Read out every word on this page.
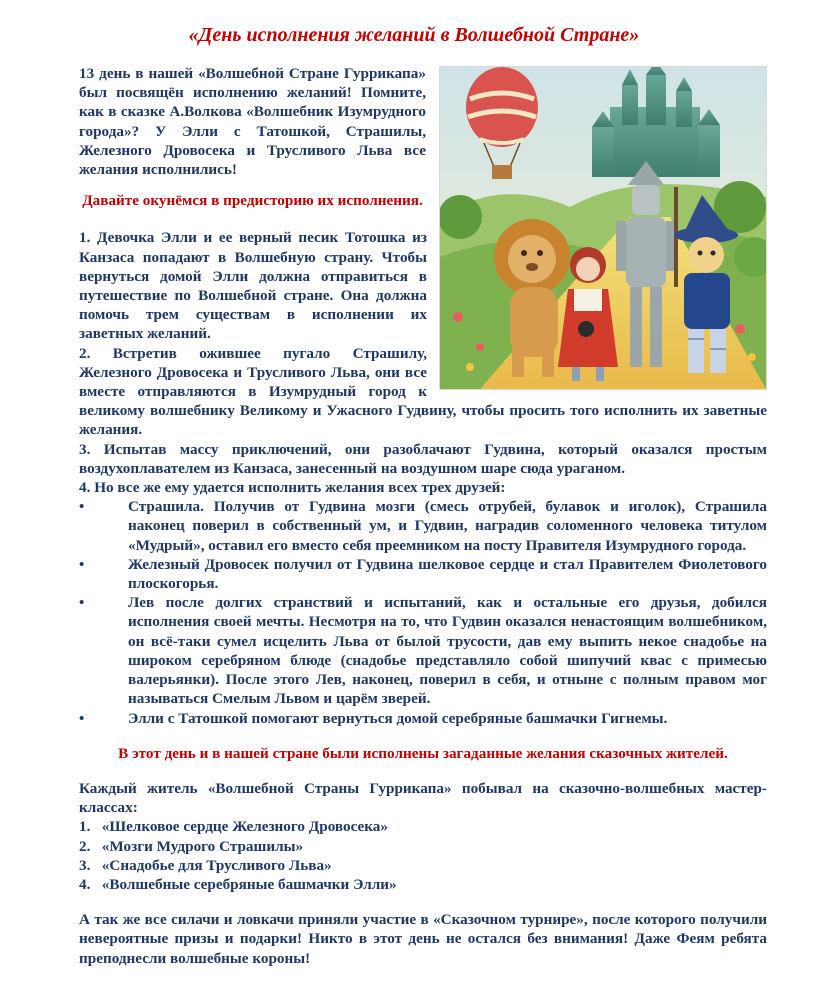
«День исполнения желаний в Волшебной Стране»

13 день в нашей «Волшебной Стране Гуррикапа» был посвящён исполнению желаний! Помните, как в сказке А.Волкова «Волшебник Изумрудного города»? У Элли с Татошкой, Страшилы, Железного Дровосека и Трусливого Льва все желания исполнились!

Давайте окунёмся в предисторию их исполнения.

1. Девочка Элли и ее верный песик Тотошка из Канзаса попадают в Волшебную страну. Чтобы вернуться домой Элли должна отправиться в путешествие по Волшебной стране. Она должна помочь трем существам в исполнении их заветных желаний.

2. Встретив ожившее пугало Страшилу, Железного Дровосека и Трусливого Льва, они все вместе отправляются в Изумрудный город к великому волшебнику Великому и Ужасного Гудвину, чтобы просить того исполнить их заветные желания.

3. Испытав массу приключений, они разоблачают Гудвина, который оказался простым воздухоплавателем из Канзаса, занесенный на воздушном шаре сюда ураганом.

4. Но все же ему удается исполнить желания всех трех друзей:

•	Страшила. Получив от Гудвина мозги (смесь отрубей, булавок и иголок), Страшила наконец поверил в собственный ум, и Гудвин, наградив соломенного человека титулом «Мудрый», оставил его вместо себя преемником на посту Правителя Изумрудного города.
•	Железный Дровосек получил от Гудвина шелковое сердце и стал Правителем Фиолетового плоскогорья.
•	Лев после долгих странствий и испытаний, как и остальные его друзья, добился исполнения своей мечты. Несмотря на то, что Гудвин оказался ненастоящим волшебником, он всё-таки сумел исцелить Льва от былой трусости, дав ему выпить некое снадобье на широком серебряном блюде (снадобье представляло собой шипучий квас с примесью валерьянки). После этого Лев, наконец, поверил в себя, и отныне с полным правом мог называться Смелым Львом и царём зверей.
•	Элли с Татошкой помогают вернуться домой серебряные башмачки Гигнемы.

В этот день и в нашей стране были исполнены загаданные желания сказочных жителей.

Каждый житель «Волшебной Страны Гуррикапа» побывал на сказочно-волшебных мастер-классах:

1. «Шелковое сердце Железного Дровосека»
2. «Мозги Мудрого Страшилы»
3. «Снадобье для Трусливого Льва»
4. «Волшебные серебряные башмачки Элли»

А так же все силачи и ловкачи приняли участие в «Сказочном турнире», после которого получили невероятные призы и подарки! Никто в этот день не остался без внимания! Даже Феям ребята преподнесли волшебные короны!
